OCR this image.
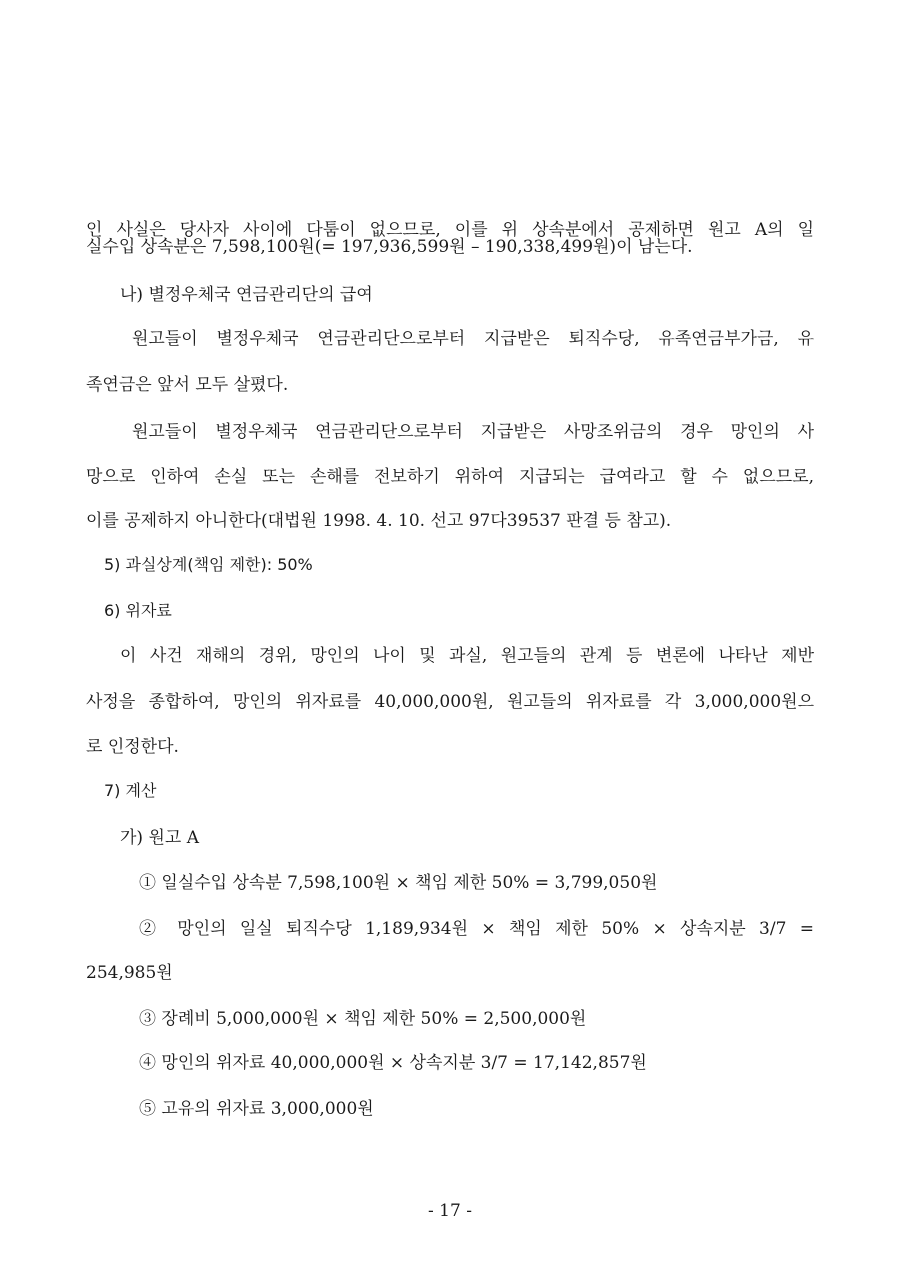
인 사실은 당사자 사이에 다툼이 없으므로, 이를 위 상속분에서 공제하면 원고 A의 일
실수입 상속분은 7,598,100원(= 197,936,599원 – 190,338,499원)이 남는다.
나) 별정우체국 연금관리단의 급여
원고들이 별정우체국 연금관리단으로부터 지급받은 퇴직수당, 유족연금부가금, 유
족연금은 앞서 모두 살폈다.
원고들이 별정우체국 연금관리단으로부터 지급받은 사망조위금의 경우 망인의 사
망으로 인하여 손실 또는 손해를 전보하기 위하여 지급되는 급여라고 할 수 없으므로,
이를 공제하지 아니한다(대법원 1998. 4. 10. 선고 97다39537 판결 등 참고).
5) 과실상계(책임 제한): 50%
6) 위자료
이 사건 재해의 경위, 망인의 나이 및 과실, 원고들의 관계 등 변론에 나타난 제반
사정을 종합하여, 망인의 위자료를 40,000,000원, 원고들의 위자료를 각 3,000,000원으
로 인정한다.
7) 계산
가) 원고 A
① 일실수입 상속분 7,598,100원 × 책임 제한 50% = 3,799,050원
② 망인의 일실 퇴직수당 1,189,934원 × 책임 제한 50% × 상속지분 3/7 =
254,985원
③ 장례비 5,000,000원 × 책임 제한 50% = 2,500,000원
④ 망인의 위자료 40,000,000원 × 상속지분 3/7 = 17,142,857원
⑤ 고유의 위자료 3,000,000원
- 17 -
